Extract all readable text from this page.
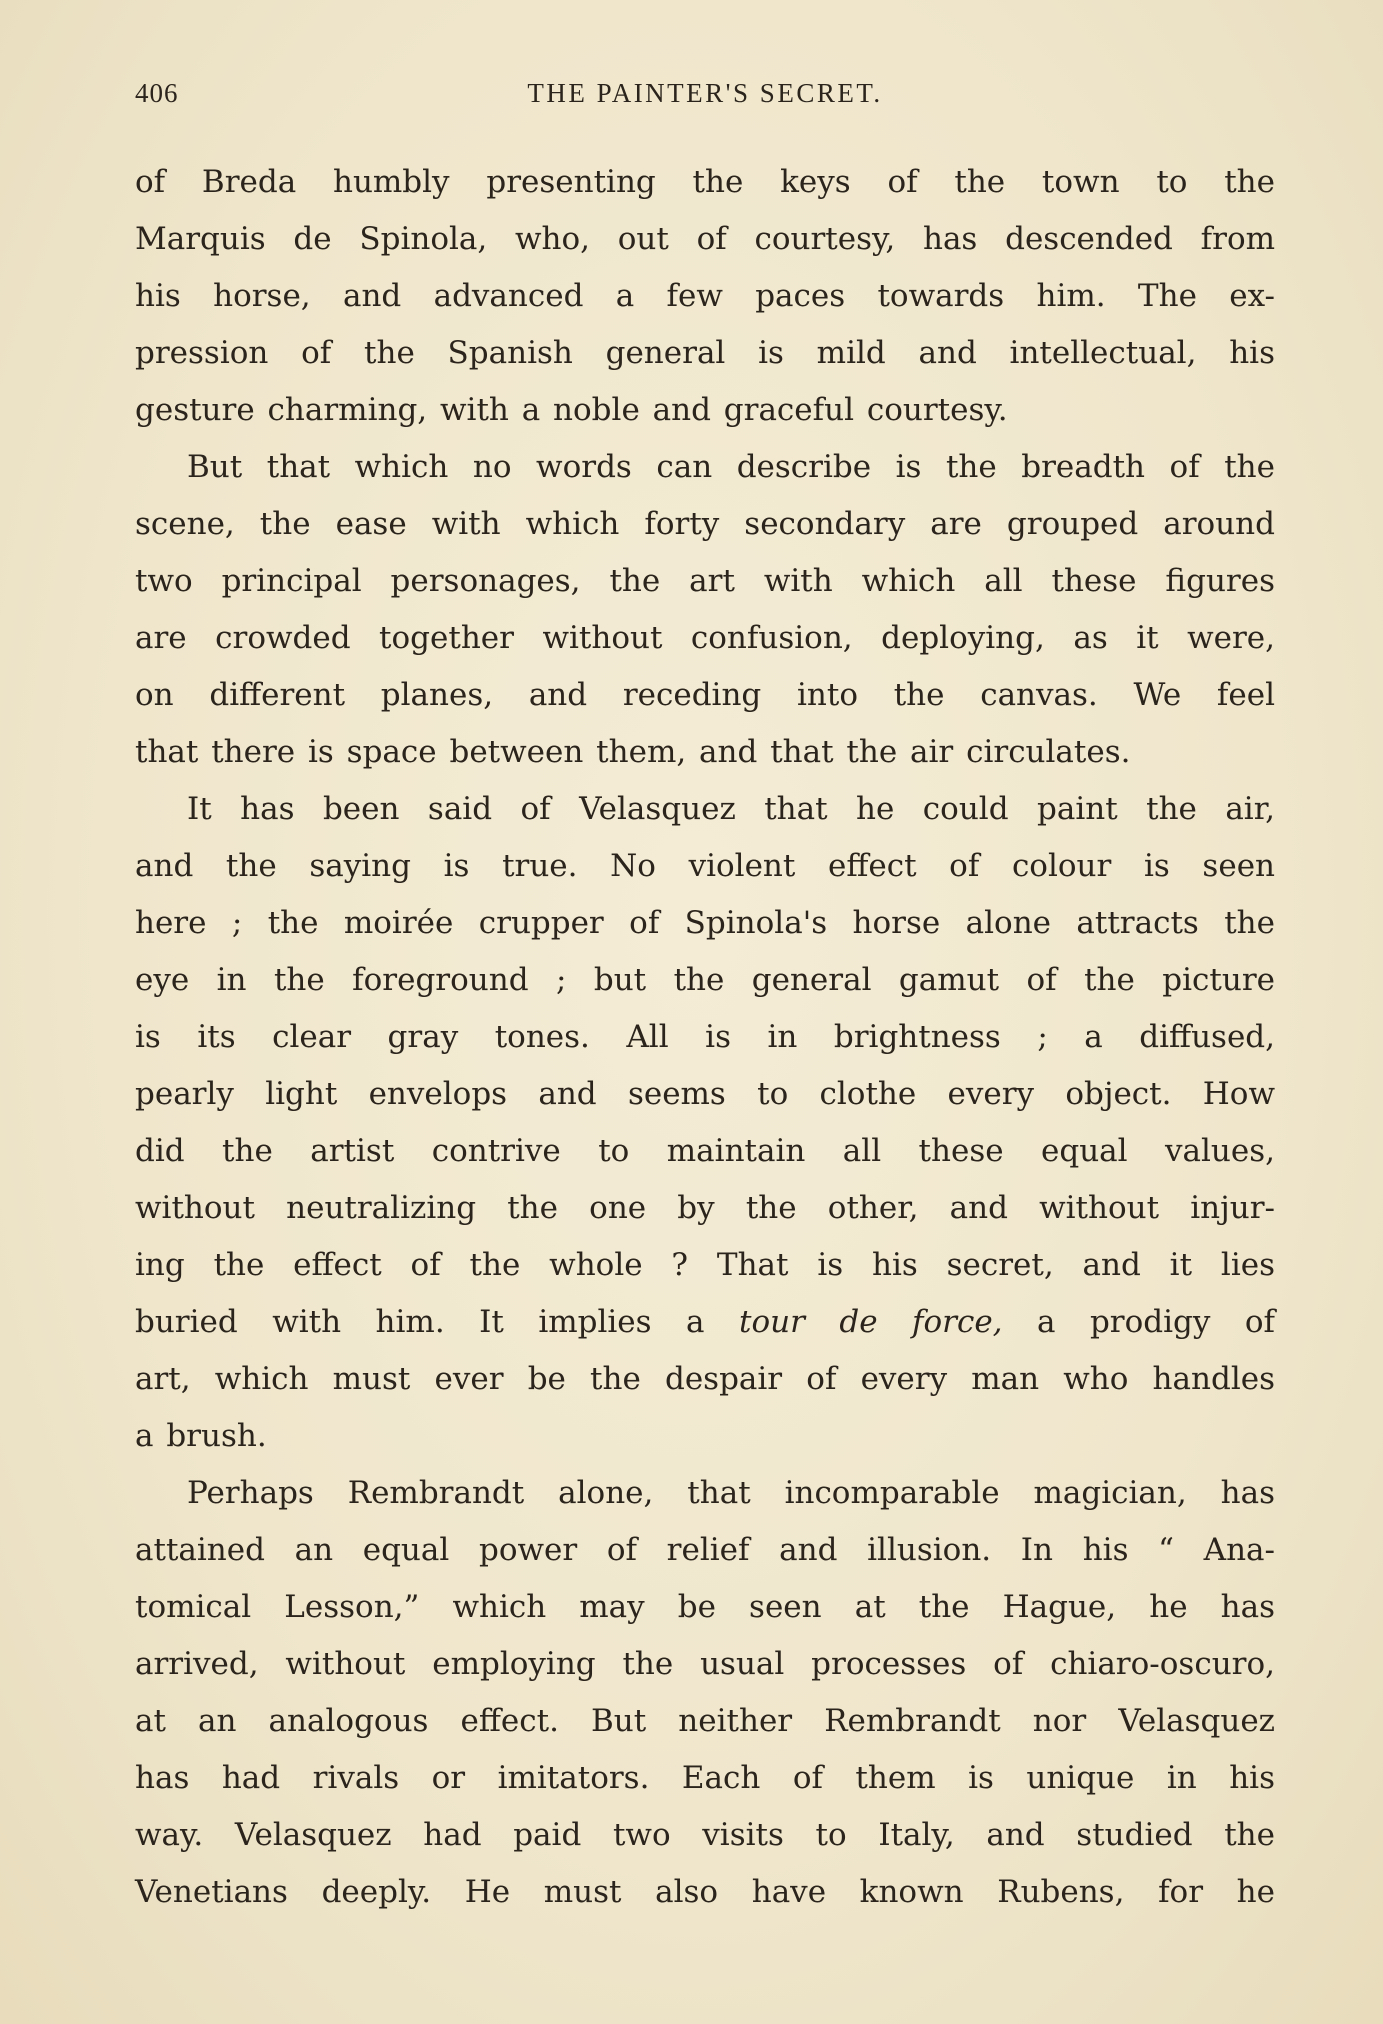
406	THE PAINTER'S SECRET.
of Breda humbly presenting the keys of the town to the
Marquis de Spinola, who, out of courtesy, has descended from
his horse, and advanced a few paces towards him. The ex-
pression of the Spanish general is mild and intellectual, his
gesture charming, with a noble and graceful courtesy.
But that which no words can describe is the breadth of the
scene, the ease with which forty secondary are grouped around
two principal personages, the art with which all these figures
are crowded together without confusion, deploying, as it were,
on different planes, and receding into the canvas. We feel
that there is space between them, and that the air circulates.
It has been said of Velasquez that he could paint the air,
and the saying is true. No violent effect of colour is seen
here ; the moirée crupper of Spinola's horse alone attracts the
eye in the foreground ; but the general gamut of the picture
is its clear gray tones. All is in brightness ; a diffused,
pearly light envelops and seems to clothe every object. How
did the artist contrive to maintain all these equal values,
without neutralizing the one by the other, and without injur-
ing the effect of the whole ? That is his secret, and it lies
buried with him. It implies a tour de force, a prodigy of
art, which must ever be the despair of every man who handles
a brush.
Perhaps Rembrandt alone, that incomparable magician, has
attained an equal power of relief and illusion. In his “ Ana-
tomical Lesson,” which may be seen at the Hague, he has
arrived, without employing the usual processes of chiaro-oscuro,
at an analogous effect. But neither Rembrandt nor Velasquez
has had rivals or imitators. Each of them is unique in his
way. Velasquez had paid two visits to Italy, and studied the
Venetians deeply. He must also have known Rubens, for he
